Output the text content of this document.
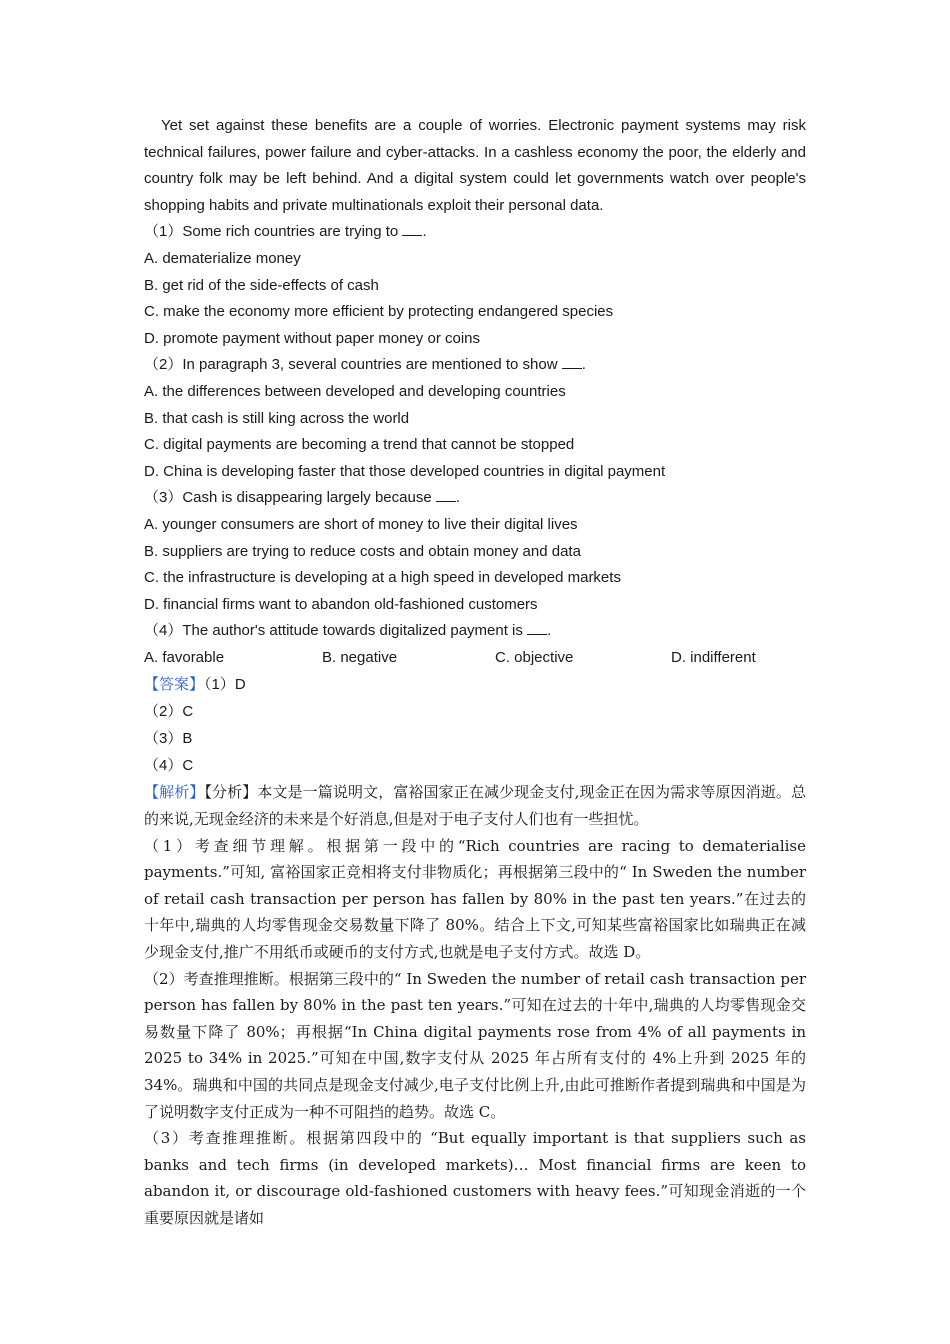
Yet set against these benefits are a couple of worries. Electronic payment systems may risk technical failures, power failure and cyber-attacks. In a cashless economy the poor, the elderly and country folk may be left behind. And a digital system could let governments watch over people's shopping habits and private multinationals exploit their personal data.
（1）Some rich countries are trying to .
A. dematerialize money
B. get rid of the side-effects of cash
C. make the economy more efficient by protecting endangered species
D. promote payment without paper money or coins
（2）In paragraph 3, several countries are mentioned to show .
A. the differences between developed and developing countries
B. that cash is still king across the world
C. digital payments are becoming a trend that cannot be stopped
D. China is developing faster that those developed countries in digital payment
（3）Cash is disappearing largely because .
A. younger consumers are short of money to live their digital lives
B. suppliers are trying to reduce costs and obtain money and data
C. the infrastructure is developing at a high speed in developed markets
D. financial firms want to abandon old-fashioned customers
（4）The author's attitude towards digitalized payment is .
A. favorable	B. negative	C. objective	D. indifferent
【答案】（1）D
（2）C
（3）B
（4）C
【解析】【分析】本文是一篇说明文，富裕国家正在减少现金支付,现金正在因为需求等原因消逝。总的来说,无现金经济的未来是个好消息,但是对于电子支付人们也有一些担忧。
（1）考查细节理解。根据第一段中的“Rich countries are racing to dematerialise payments.”可知, 富裕国家正竞相将支付非物质化；再根据第三段中的“ In Sweden the number of retail cash transaction per person has fallen by 80% in the past ten years.”在过去的十年中,瑞典的人均零售现金交易数量下降了 80%。结合上下文,可知某些富裕国家比如瑞典正在减少现金支付,推广不用纸币或硬币的支付方式,也就是电子支付方式。故选 D。
（2）考查推理推断。根据第三段中的“ In Sweden the number of retail cash transaction per person has fallen by 80% in the past ten years.”可知在过去的十年中,瑞典的人均零售现金交易数量下降了 80%；再根据“In China digital payments rose from 4% of all payments in 2025 to 34% in 2025.”可知在中国,数字支付从 2025 年占所有支付的 4%上升到 2025 年的 34%。瑞典和中国的共同点是现金支付减少,电子支付比例上升,由此可推断作者提到瑞典和中国是为了说明数字支付正成为一种不可阻挡的趋势。故选 C。
（3）考查推理推断。根据第四段中的 “But equally important is that suppliers such as banks and tech firms (in developed markets)… Most financial firms are keen to abandon it, or discourage old-fashioned customers with heavy fees.”可知现金消逝的一个重要原因就是诸如
